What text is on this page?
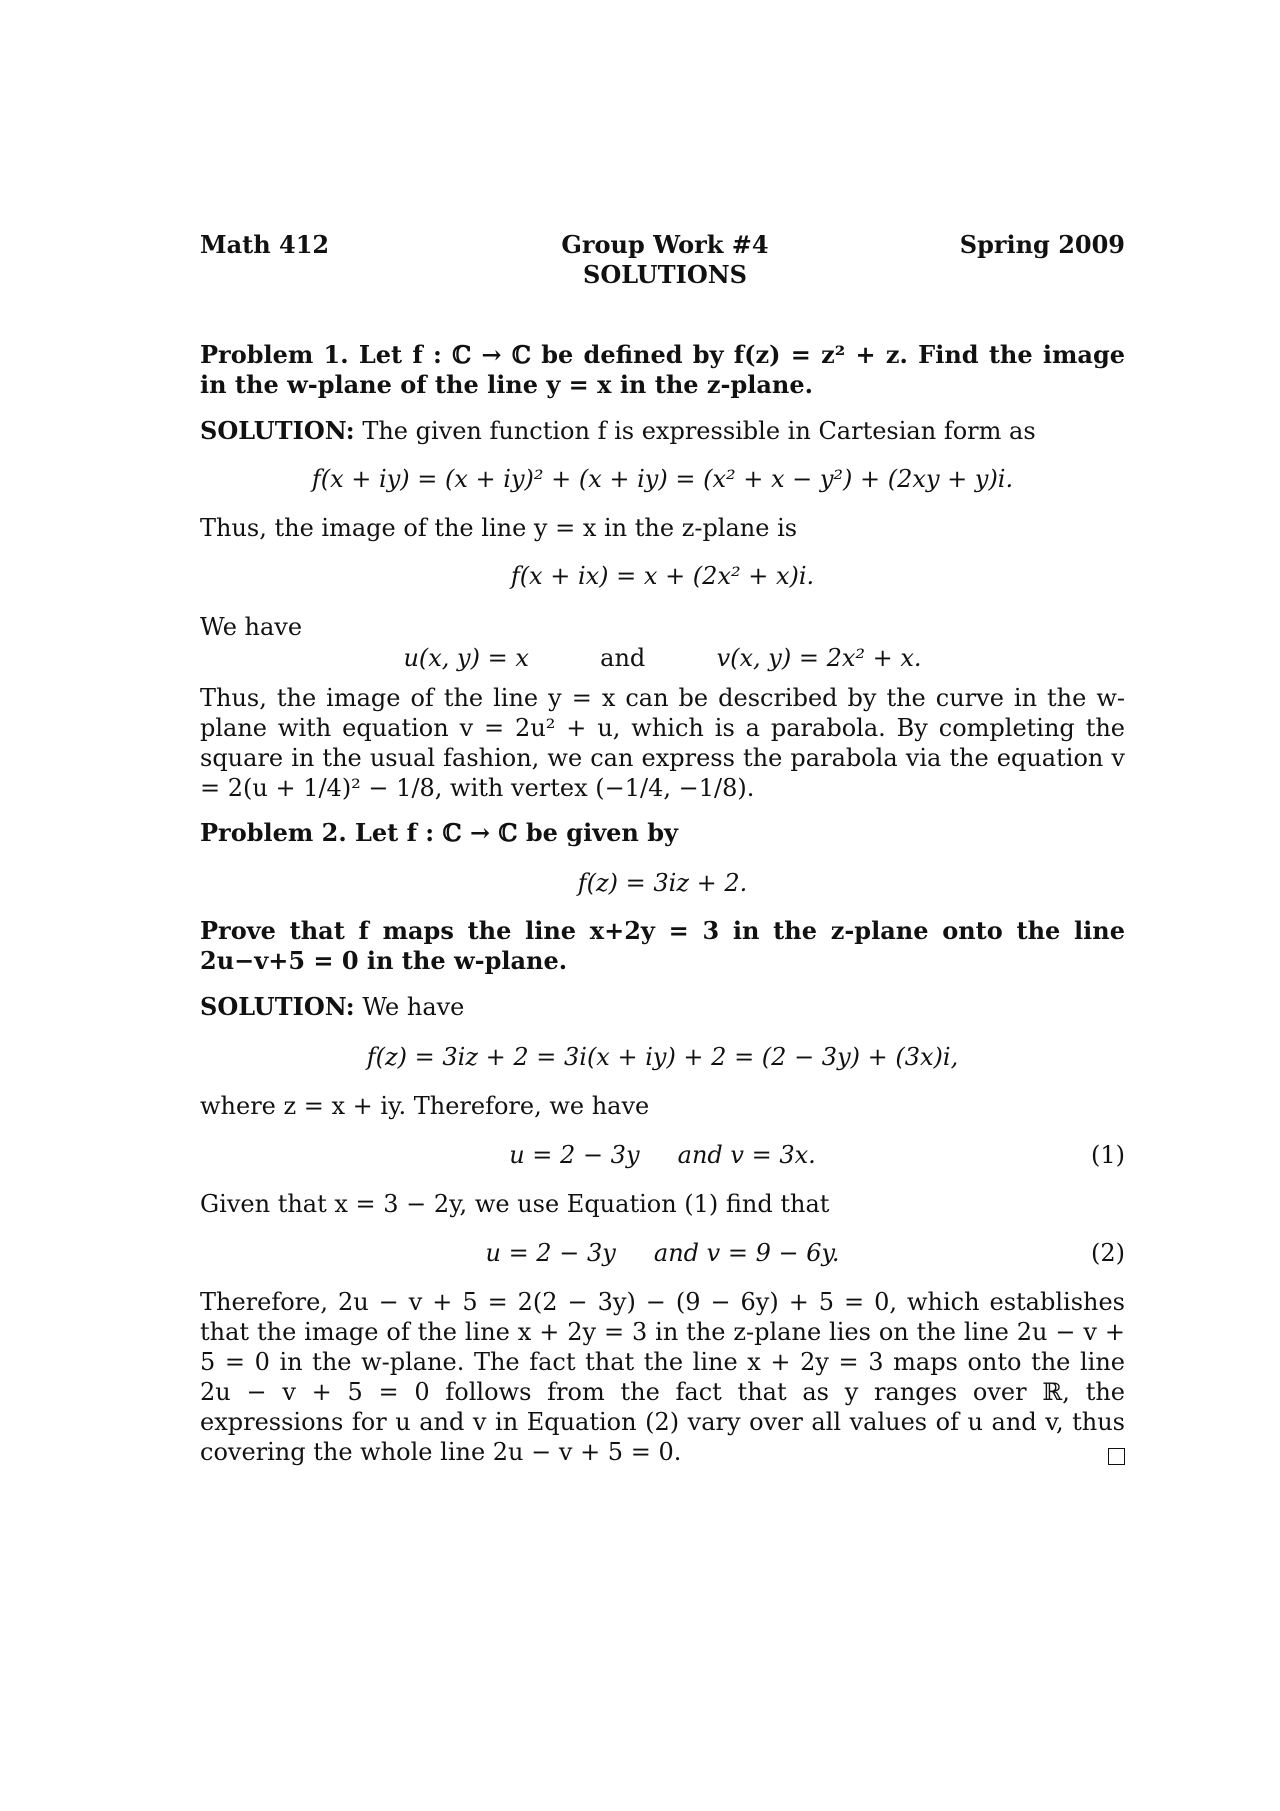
Math 412	Group Work #4
SOLUTIONS
Spring 2009
Problem 1. Let f : ℂ → ℂ be defined by f(z) = z² + z. Find the image in the w-plane of the line y = x in the z-plane.
SOLUTION: The given function f is expressible in Cartesian form as
f(x + iy) = (x + iy)² + (x + iy) = (x² + x − y²) + (2xy + y)i.
Thus, the image of the line y = x in the z-plane is
f(x + ix) = x + (2x² + x)i.
We have
u(x, y) = x	and	v(x, y) = 2x² + x.
Thus, the image of the line y = x can be described by the curve in the w-plane with equation v = 2u² + u, which is a parabola. By completing the square in the usual fashion, we can express the parabola via the equation v = 2(u + 1/4)² − 1/8, with vertex (−1/4, −1/8).
Problem 2. Let f : ℂ → ℂ be given by
f(z) = 3iz + 2.
Prove that f maps the line x+2y = 3 in the z-plane onto the line 2u−v+5 = 0 in the w-plane.
SOLUTION: We have
f(z) = 3iz + 2 = 3i(x + iy) + 2 = (2 − 3y) + (3x)i,
where z = x + iy. Therefore, we have
u = 2 − 3y     and v = 3x.	(1)
Given that x = 3 − 2y, we use Equation (1) find that
u = 2 − 3y     and v = 9 − 6y.	(2)
Therefore, 2u − v + 5 = 2(2 − 3y) − (9 − 6y) + 5 = 0, which establishes that the image of the line x + 2y = 3 in the z-plane lies on the line 2u − v + 5 = 0 in the w-plane. The fact that the line x + 2y = 3 maps onto the line 2u − v + 5 = 0 follows from the fact that as y ranges over ℝ, the expressions for u and v in Equation (2) vary over all values of u and v, thus covering the whole line 2u − v + 5 = 0.
